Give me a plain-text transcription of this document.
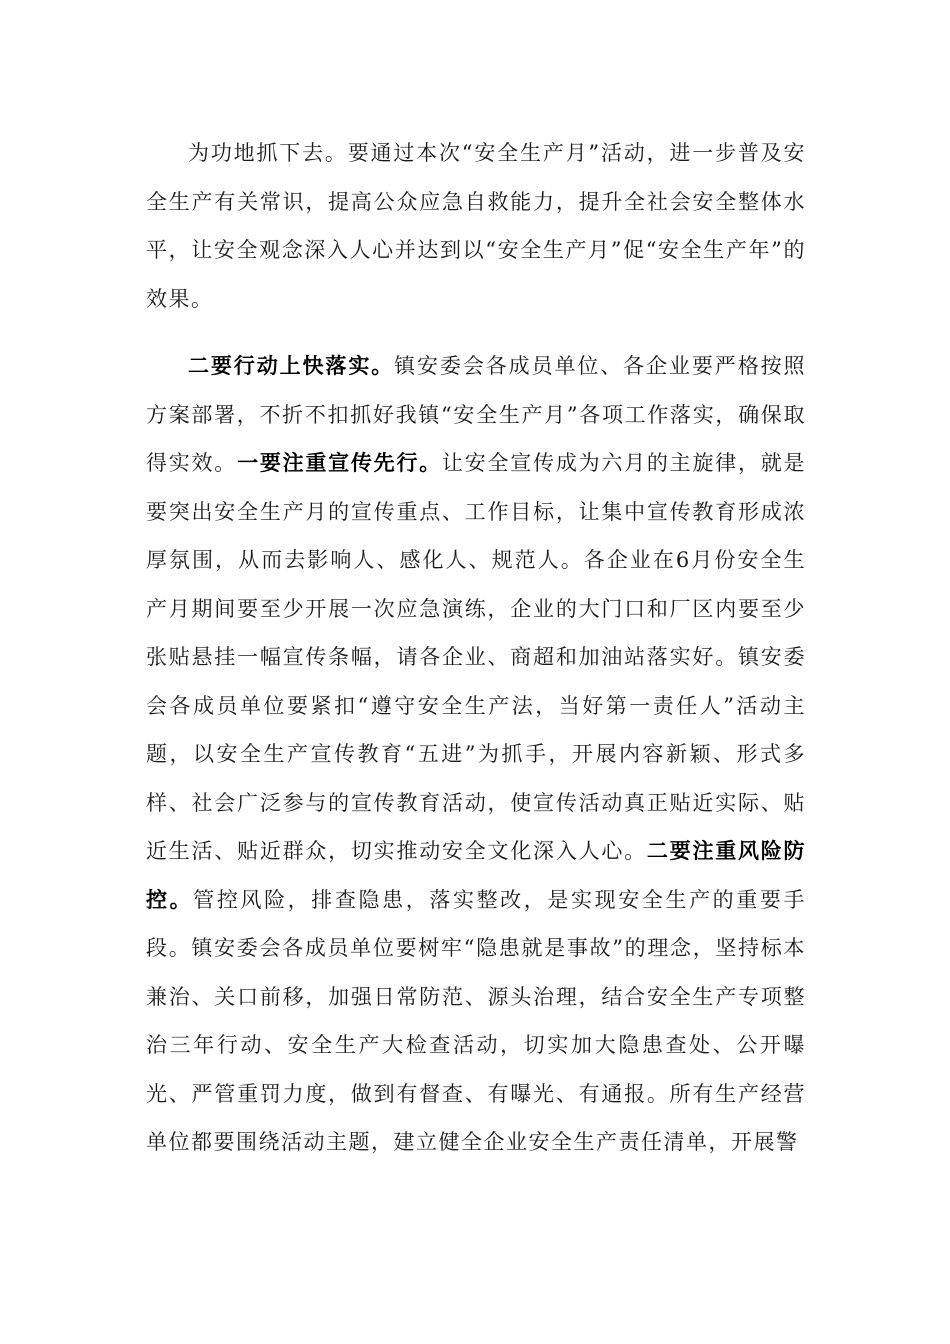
为功地抓下去。要通过本次“安全生产月”活动，进一步普及安全生产有关常识，提高公众应急自救能力，提升全社会安全整体水平，让安全观念深入人心并达到以“安全生产月”促“安全生产年”的效果。

二要行动上快落实。镇安委会各成员单位、各企业要严格按照方案部署，不折不扣抓好我镇“安全生产月”各项工作落实，确保取得实效。一要注重宣传先行。让安全宣传成为六月的主旋律，就是要突出安全生产月的宣传重点、工作目标，让集中宣传教育形成浓厚氛围，从而去影响人、感化人、规范人。各企业在6月份安全生产月期间要至少开展一次应急演练，企业的大门口和厂区内要至少张贴悬挂一幅宣传条幅，请各企业、商超和加油站落实好。镇安委会各成员单位要紧扣“遵守安全生产法，当好第一责任人”活动主题，以安全生产宣传教育“五进”为抓手，开展内容新颖、形式多样、社会广泛参与的宣传教育活动，使宣传活动真正贴近实际、贴近生活、贴近群众，切实推动安全文化深入人心。二要注重风险防控。管控风险，排查隐患，落实整改，是实现安全生产的重要手段。镇安委会各成员单位要树牢“隐患就是事故”的理念，坚持标本兼治、关口前移，加强日常防范、源头治理，结合安全生产专项整治三年行动、安全生产大检查活动，切实加大隐患查处、公开曝光、严管重罚力度，做到有督查、有曝光、有通报。所有生产经营单位都要围绕活动主题，建立健全企业安全生产责任清单，开展警
